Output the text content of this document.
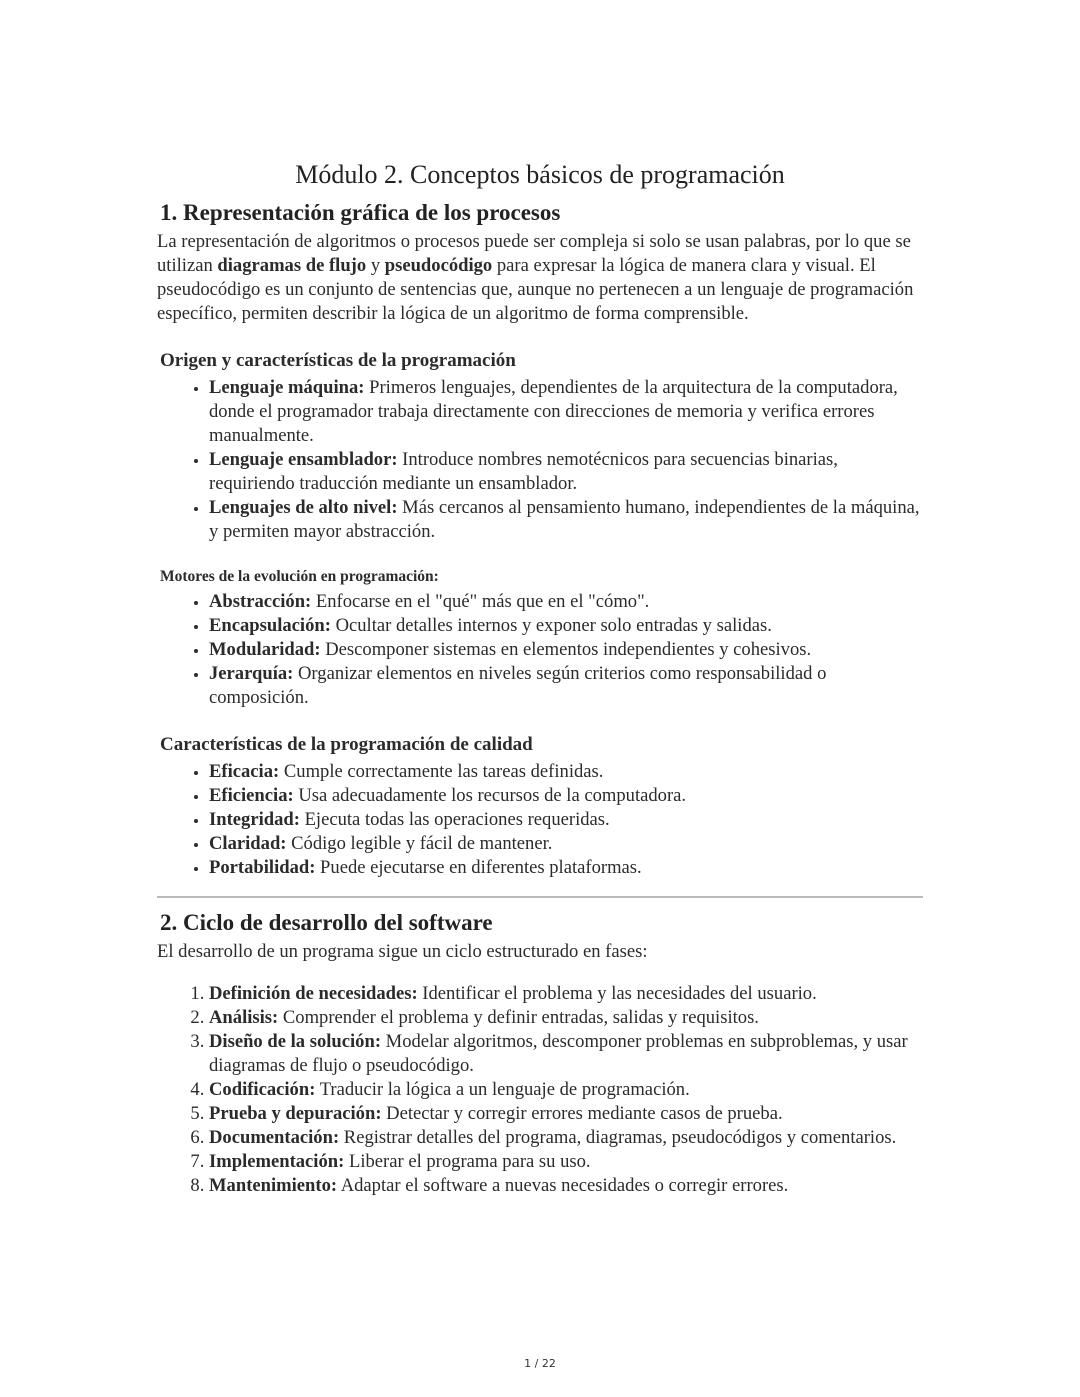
Módulo 2. Conceptos básicos de programación
1. Representación gráfica de los procesos

La representación de algoritmos o procesos puede ser compleja si solo se usan palabras, por lo que se utilizan diagramas de flujo y pseudocódigo para expresar la lógica de manera clara y visual. El pseudocódigo es un conjunto de sentencias que, aunque no pertenecen a un lenguaje de programación específico, permiten describir la lógica de un algoritmo de forma comprensible.

Origen y características de la programación
• Lenguaje máquina: Primeros lenguajes, dependientes de la arquitectura de la computadora, donde el programador trabaja directamente con direcciones de memoria y verifica errores manualmente.
• Lenguaje ensamblador: Introduce nombres nemotécnicos para secuencias binarias, requiriendo traducción mediante un ensamblador.
• Lenguajes de alto nivel: Más cercanos al pensamiento humano, independientes de la máquina, y permiten mayor abstracción.
Motores de la evolución en programación:
• Abstracción: Enfocarse en el "qué" más que en el "cómo".
• Encapsulación: Ocultar detalles internos y exponer solo entradas y salidas.
• Modularidad: Descomponer sistemas en elementos independientes y cohesivos.
• Jerarquía: Organizar elementos en niveles según criterios como responsabilidad o composición.
Características de la programación de calidad
• Eficacia: Cumple correctamente las tareas definidas.
• Eficiencia: Usa adecuadamente los recursos de la computadora.
• Integridad: Ejecuta todas las operaciones requeridas.
• Claridad: Código legible y fácil de mantener.
• Portabilidad: Puede ejecutarse en diferentes plataformas.
2. Ciclo de desarrollo del software

El desarrollo de un programa sigue un ciclo estructurado en fases:

1. Definición de necesidades: Identificar el problema y las necesidades del usuario.
2. Análisis: Comprender el problema y definir entradas, salidas y requisitos.
3. Diseño de la solución: Modelar algoritmos, descomponer problemas en subproblemas, y usar diagramas de flujo o pseudocódigo.
4. Codificación: Traducir la lógica a un lenguaje de programación.
5. Prueba y depuración: Detectar y corregir errores mediante casos de prueba.
6. Documentación: Registrar detalles del programa, diagramas, pseudocódigos y comentarios.
7. Implementación: Liberar el programa para su uso.
8. Mantenimiento: Adaptar el software a nuevas necesidades o corregir errores.
1 / 22
